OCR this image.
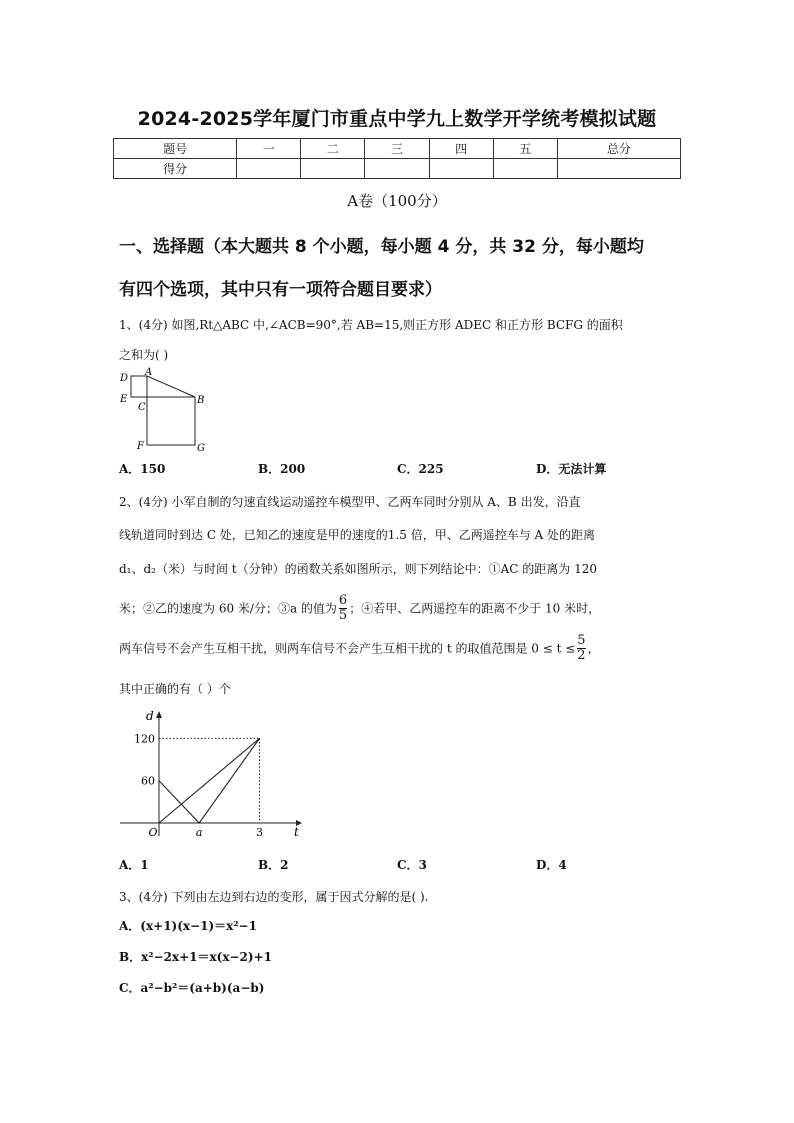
2024-2025学年厦门市重点中学九上数学开学统考模拟试题
题号	一	二	三	四	五	总分
得分						
A卷（100分）
一、选择题（本大题共 8 个小题，每小题 4 分，共 32 分，每小题均
有四个选项，其中只有一项符合题目要求）
1、(4分) 如图,Rt△ABC 中,∠ACB=90°,若 AB=15,则正方形 ADEC 和正方形 BCFG 的面积
之和为( )
D
A
E
C
B
F	G
A．150	B．200	C．225	D．无法计算
2、(4分) 小军自制的匀速直线运动遥控车模型甲、乙两车同时分别从 A、B 出发，沿直
线轨道同时到达 C 处，已知乙的速度是甲的速度的1.5 倍，甲、乙两遥控车与 A 处的距离
d₁、d₂（米）与时间 t（分钟）的函数关系如图所示，则下列结论中：①AC 的距离为 120
米；②乙的速度为 60 米/分；③a 的值为 $\frac{6}{5}$ ；④若甲、乙两遥控车的距离不少于 10 米时，
两车信号不会产生互相干扰，则两车信号不会产生互相干扰的 t 的取值范围是 $0 \le t \le \frac{5}{2}$ ，
其中正确的有（ ）个
d
t
120
60
O	a	3
A．1	B．2	C．3	D．4
3、(4分) 下列由左边到右边的变形，属于因式分解的是( ).
A．(x+1)(x−1)＝x²−1
B．x²−2x+1＝x(x−2)+1
C．a²−b²＝(a+b)(a−b)
